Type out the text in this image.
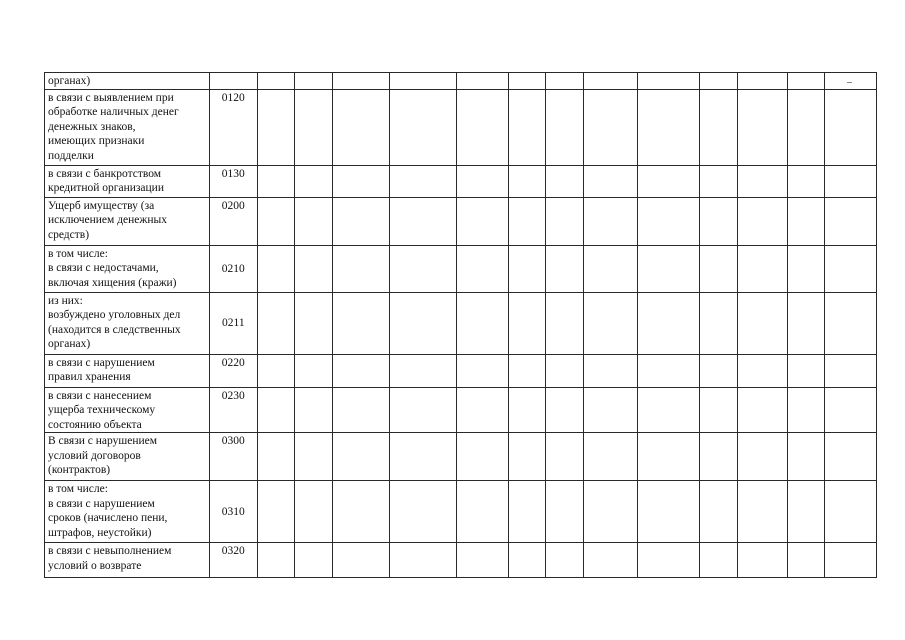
органах)	

в связи с выявлением при
обработке наличных денег
денежных знаков,
имеющих признаки
подделки	0120													

в связи с банкротством
кредитной организации	0130													

Ущерб имуществу (за
исключением денежных
средств)	0200													

в том числе:
в связи с недостачами,
включая хищения (кражи)	0210													

из них:
возбуждено уголовных дел
(находится в следственных
органах)	0211													

в связи с нарушением
правил хранения	0220													

в связи с нанесением
ущерба техническому
состоянию объекта	0230													

В связи с нарушением
условий договоров
(контрактов)	0300													

в том числе:
в связи с нарушением
сроков (начислено пени,
штрафов, неустойки)	0310													

в связи с невыполнением
условий о возврате	0320													
